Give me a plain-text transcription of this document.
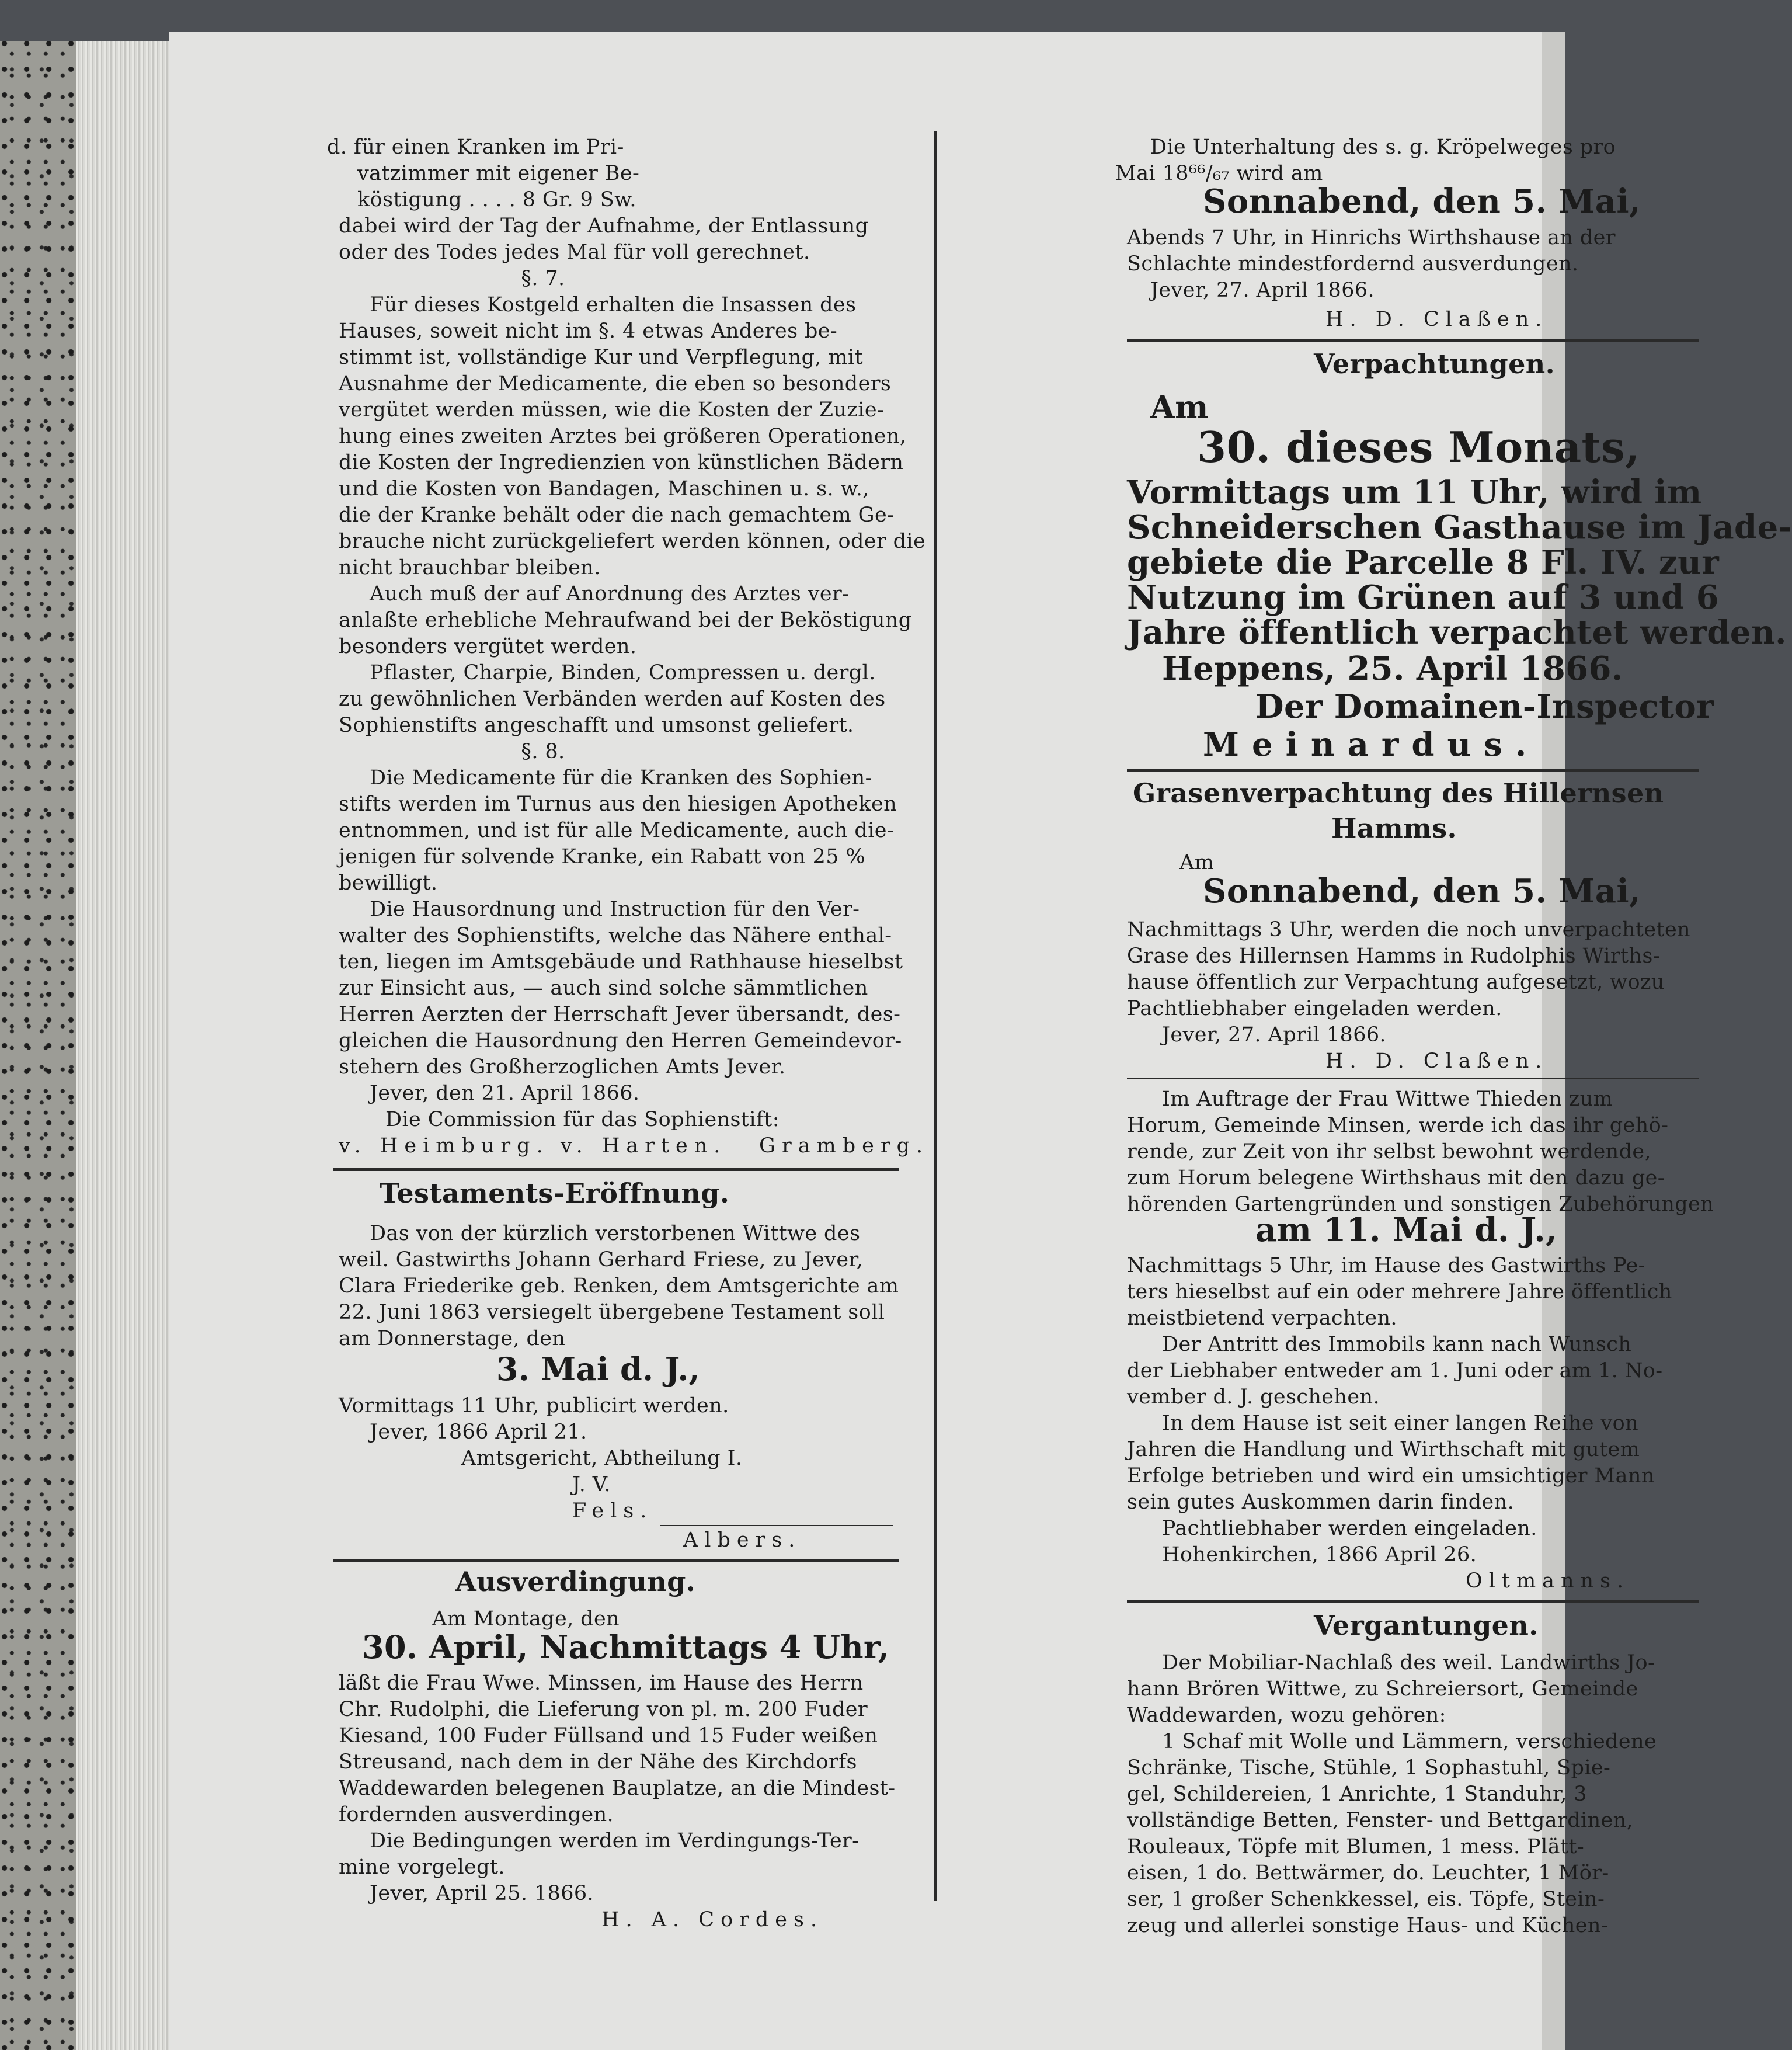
d. für einen Kranken im Pri-

vatzimmer mit eigener Be-

köstigung . . . . 8 Gr. 9 Sw.

dabei wird der Tag der Aufnahme, der Entlassung

oder des Todes jedes Mal für voll gerechnet.

§. 7.

Für dieses Kostgeld erhalten die Insassen des

Hauses, soweit nicht im §. 4 etwas Anderes be-

stimmt ist, vollständige Kur und Verpflegung, mit

Ausnahme der Medicamente, die eben so besonders

vergütet werden müssen, wie die Kosten der Zuzie-

hung eines zweiten Arztes bei größeren Operationen,

die Kosten der Ingredienzien von künstlichen Bädern

und die Kosten von Bandagen, Maschinen u. s. w.,

die der Kranke behält oder die nach gemachtem Ge-

brauche nicht zurückgeliefert werden können, oder die

nicht brauchbar bleiben.

Auch muß der auf Anordnung des Arztes ver-

anlaßte erhebliche Mehraufwand bei der Beköstigung

besonders vergütet werden.

Pflaster, Charpie, Binden, Compressen u. dergl.

zu gewöhnlichen Verbänden werden auf Kosten des

Sophienstifts angeschafft und umsonst geliefert.

§. 8.

Die Medicamente für die Kranken des Sophien-

stifts werden im Turnus aus den hiesigen Apotheken

entnommen, und ist für alle Medicamente, auch die-

jenigen für solvende Kranke, ein Rabatt von 25 %

bewilligt.

Die Hausordnung und Instruction für den Ver-

walter des Sophienstifts, welche das Nähere enthal-

ten, liegen im Amtsgebäude und Rathhause hieselbst

zur Einsicht aus, — auch sind solche sämmtlichen

Herren Aerzten der Herrschaft Jever übersandt, des-

gleichen die Hausordnung den Herren Gemeindevor-

stehern des Großherzoglichen Amts Jever.

Jever, den 21. April 1866.

Die Commission für das Sophienstift:

v. Heimburg. v. Harten. Gramberg.

Testaments-Eröffnung.

Das von der kürzlich verstorbenen Wittwe des

weil. Gastwirths Johann Gerhard Friese, zu Jever,

Clara Friederike geb. Renken, dem Amtsgerichte am

22. Juni 1863 versiegelt übergebene Testament soll

am Donnerstage, den

3. Mai d. J.,

Vormittags 11 Uhr, publicirt werden.

Jever, 1866 April 21.

Amtsgericht, Abtheilung I.

J. V.

Fels.

Albers.

Ausverdingung.

Am Montage, den

30. April, Nachmittags 4 Uhr,

läßt die Frau Wwe. Minssen, im Hause des Herrn

Chr. Rudolphi, die Lieferung von pl. m. 200 Fuder

Kiesand, 100 Fuder Füllsand und 15 Fuder weißen

Streusand, nach dem in der Nähe des Kirchdorfs

Waddewarden belegenen Bauplatze, an die Mindest-

fordernden ausverdingen.

Die Bedingungen werden im Verdingungs-Ter-

mine vorgelegt.

Jever, April 25. 1866.

H. A. Cordes.

Die Unterhaltung des s. g. Kröpelweges pro

Mai 18⁶⁶/₆₇ wird am

Sonnabend, den 5. Mai,

Abends 7 Uhr, in Hinrichs Wirthshause an der

Schlachte mindestfordernd ausverdungen.

Jever, 27. April 1866.

H. D. Claßen.

Verpachtungen.

Am

30. dieses Monats,

Vormittags um 11 Uhr, wird im

Schneiderschen Gasthause im Jade-

gebiete die Parcelle 8 Fl. IV. zur

Nutzung im Grünen auf 3 und 6

Jahre öffentlich verpachtet werden.

Heppens, 25. April 1866.

Der Domainen-Inspector

Meinardus.

Grasenverpachtung des Hillernsen

Hamms.

Am

Sonnabend, den 5. Mai,

Nachmittags 3 Uhr, werden die noch unverpachteten

Grase des Hillernsen Hamms in Rudolphis Wirths-

hause öffentlich zur Verpachtung aufgesetzt, wozu

Pachtliebhaber eingeladen werden.

Jever, 27. April 1866.

H. D. Claßen.

Im Auftrage der Frau Wittwe Thieden zum

Horum, Gemeinde Minsen, werde ich das ihr gehö-

rende, zur Zeit von ihr selbst bewohnt werdende,

zum Horum belegene Wirthshaus mit den dazu ge-

hörenden Gartengründen und sonstigen Zubehörungen

am 11. Mai d. J.,

Nachmittags 5 Uhr, im Hause des Gastwirths Pe-

ters hieselbst auf ein oder mehrere Jahre öffentlich

meistbietend verpachten.

Der Antritt des Immobils kann nach Wunsch

der Liebhaber entweder am 1. Juni oder am 1. No-

vember d. J. geschehen.

In dem Hause ist seit einer langen Reihe von

Jahren die Handlung und Wirthschaft mit gutem

Erfolge betrieben und wird ein umsichtiger Mann

sein gutes Auskommen darin finden.

Pachtliebhaber werden eingeladen.

Hohenkirchen, 1866 April 26.

Oltmanns.

Vergantungen.

Der Mobiliar-Nachlaß des weil. Landwirths Jo-

hann Brören Wittwe, zu Schreiersort, Gemeinde

Waddewarden, wozu gehören:

1 Schaf mit Wolle und Lämmern, verschiedene

Schränke, Tische, Stühle, 1 Sophastuhl, Spie-

gel, Schildereien, 1 Anrichte, 1 Standuhr, 3

vollständige Betten, Fenster- und Bettgardinen,

Rouleaux, Töpfe mit Blumen, 1 mess. Plätt-

eisen, 1 do. Bettwärmer, do. Leuchter, 1 Mör-

ser, 1 großer Schenkkessel, eis. Töpfe, Stein-

zeug und allerlei sonstige Haus- und Küchen-
